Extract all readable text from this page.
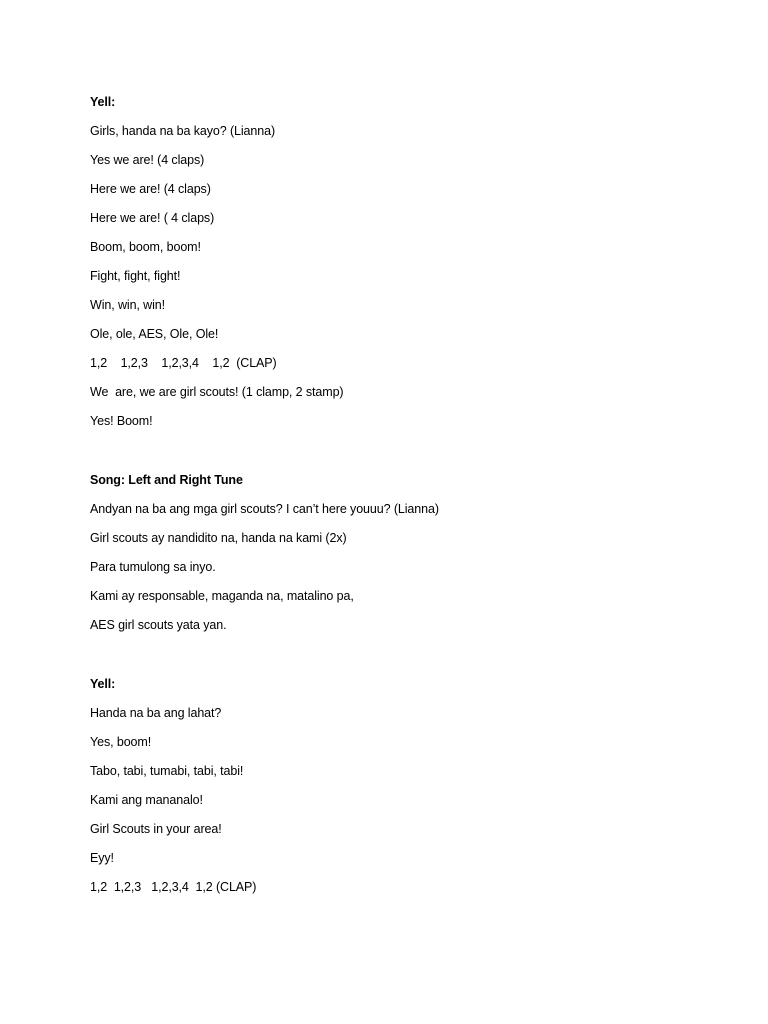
Yell:
Girls, handa na ba kayo? (Lianna)
Yes we are! (4 claps)
Here we are! (4 claps)
Here we are! ( 4 claps)
Boom, boom, boom!
Fight, fight, fight!
Win, win, win!
Ole, ole, AES, Ole, Ole!
1,2    1,2,3    1,2,3,4    1,2  (CLAP)
We  are, we are girl scouts! (1 clamp, 2 stamp)
Yes! Boom!
Song: Left and Right Tune
Andyan na ba ang mga girl scouts? I can’t here youuu? (Lianna)
Girl scouts ay nandidito na, handa na kami (2x)
Para tumulong sa inyo.
Kami ay responsable, maganda na, matalino pa,
AES girl scouts yata yan.
Yell:
Handa na ba ang lahat?
Yes, boom!
Tabo, tabi, tumabi, tabi, tabi!
Kami ang mananalo!
Girl Scouts in your area!
Eyy!
1,2  1,2,3   1,2,3,4  1,2 (CLAP)
